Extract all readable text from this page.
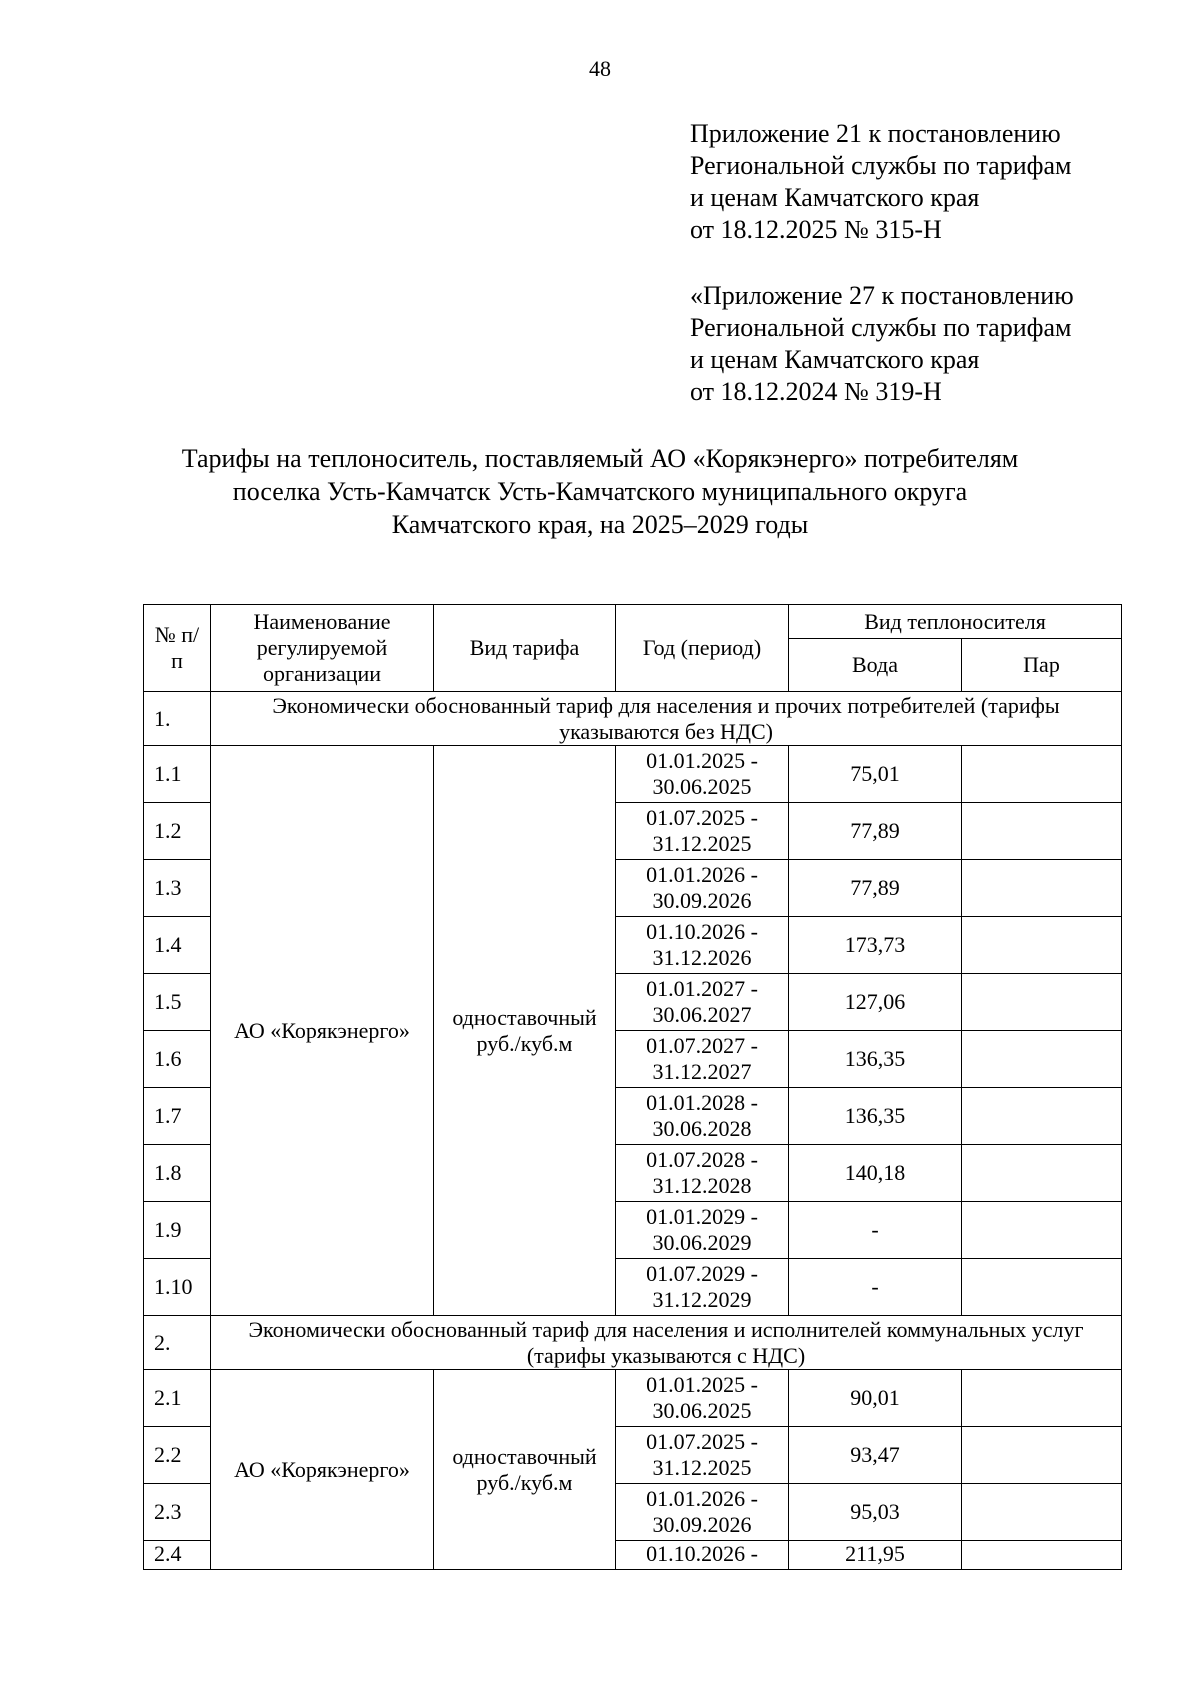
48
Приложение 21 к постановлению
Региональной службы по тарифам
и ценам Камчатского края
от 18.12.2025 № 315-Н
«Приложение 27 к постановлению
Региональной службы по тарифам
и ценам Камчатского края
от 18.12.2024 № 319-Н
Тарифы на теплоноситель, поставляемый АО «Корякэнерго» потребителям
поселка Усть-Камчатск Усть-Камчатского муниципального округа
Камчатского края, на 2025–2029 годы
№ п/п	Наименование регулируемой организации	Вид тарифа	Год (период)	Вид теплоносителя	
				Вода	Пар
1.	Экономически обоснованный тариф для населения и прочих потребителей (тарифы указываются без НДС)				
1.1	АО «Корякэнерго»	одноставочный руб./куб.м	01.01.2025 - 30.06.2025	75,01	
1.2			01.07.2025 - 31.12.2025	77,89	
1.3			01.01.2026 - 30.09.2026	77,89	
1.4			01.10.2026 - 31.12.2026	173,73	
1.5			01.01.2027 - 30.06.2027	127,06	
1.6			01.07.2027 - 31.12.2027	136,35	
1.7			01.01.2028 - 30.06.2028	136,35	
1.8			01.07.2028 - 31.12.2028	140,18	
1.9			01.01.2029 - 30.06.2029	-	
1.10			01.07.2029 - 31.12.2029	-	
2.	Экономически обоснованный тариф для населения и исполнителей коммунальных услуг (тарифы указываются с НДС)				
2.1	АО «Корякэнерго»	одноставочный руб./куб.м	01.01.2025 - 30.06.2025	90,01	
2.2			01.07.2025 - 31.12.2025	93,47	
2.3			01.01.2026 - 30.09.2026	95,03	
2.4			01.10.2026 -	211,95	
